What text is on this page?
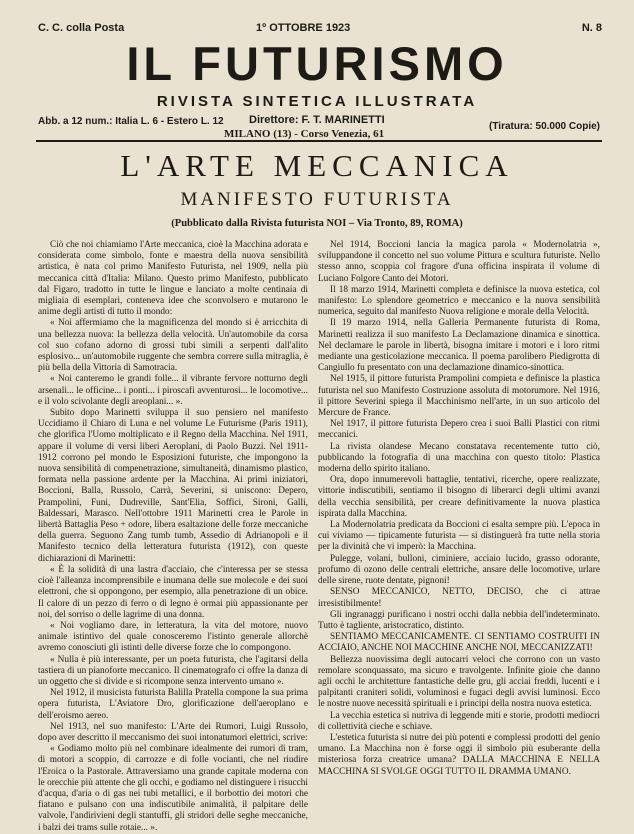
C. C. colla Posta	1º OTTOBRE 1923	N. 8
IL FUTURISMO
RIVISTA SINTETICA ILLUSTRATA
Abb. a 12 num.: Italia L. 6 - Estero L. 12 Direttore: F. T. MARINETTI
MILANO (13) - Corso Venezia, 61
(Tiratura: 50.000 Copie)
L'ARTE MECCANICA
MANIFESTO FUTURISTA
(Pubblicato dalla Rivista futurista NOI – Via Tronto, 89, ROMA)

Ciò che noi chiamiamo l'Arte meccanica, cioè la Macchina adorata e considerata come simbolo, fonte e maestra della nuova sensibilità artistica, è nata col primo Manifesto Futurista, nel 1909, nella più meccanica città d'Italia: Milano. Questo primo Manifesto, pubblicato dal Figaro, tradotto in tutte le lingue e lanciato a molte centinaia di migliaia di esemplari, conteneva idee che sconvolsero e mutarono le anime degli artisti di tutto il mondo:

« Noi affermiamo che la magnificenza del mondo si è arricchita di una bellezza nuova: la bellezza della velocità. Un'automobile da corsa col suo cofano adorno di grossi tubi simili a serpenti dall'alito esplosivo... un'automobile ruggente che sembra correre sulla mitraglia, è più bella della Vittoria di Samotracia.

« Noi canteremo le grandi folle... il vibrante fervore notturno degli arsenali... le officine... i ponti... i piroscafi avventurosi... le locomotive... e il volo scivolante degli areoplani... ».

Subito dopo Marinetti sviluppa il suo pensiero nel manifesto Uccidiamo il Chiaro di Luna e nel volume Le Futurisme (Paris 1911), che glorifica l'Uomo moltiplicato e il Regno della Macchina. Nel 1911, appare il volume di versi liberi Aeroplani, di Paolo Buzzi. Nel 1911-1912 corrono pel mondo le Esposizioni futuriste, che impongono la nuova sensibilità di compenetrazione, simultaneità, dinamismo plastico, formata nella passione ardente per la Macchina. Ai primi iniziatori, Boccioni, Balla, Russolo, Carrà, Severini, si uniscono: Depero, Prampolini, Funi, Dudreville, Sant'Elia, Soffici, Sironi, Galli, Baldessari, Marasco. Nell'ottobre 1911 Marinetti crea le Parole in libertà Battaglia Peso + odore, libera esaltazione delle forze meccaniche della guerra. Seguono Zang tumb tumb, Assedio di Adrianopoli e il Manifesto tecnico della letteratura futurista (1912), con queste dichiarazioni di Marinetti:

« È la solidità di una lastra d'acciaio, che c'interessa per se stessa cioè l'alleanza incomprensibile e inumana delle sue molecole e dei suoi elettroni, che si oppongono, per esempio, alla penetrazione di un obice. Il calore di un pezzo di ferro o di legno è ormai più appassionante per noi, del sorriso o delle lagrime di una donna.

« Noi vogliamo dare, in letteratura, la vita del motore, nuovo animale istintivo del quale conosceremo l'istinto generale allorchè avremo conosciuti gli istinti delle diverse forze che lo compongono.

« Nulla è più interessante, per un poeta futurista, che l'agitarsi della tastiera di un pianoforte meccanico. Il cinematografo ci offre la danza di un oggetto che si divide e si ricompone senza intervento umano ».

Nel 1912, il musicista futurista Balilla Pratella compone la sua prima opera futurista, L'Aviatore Dro, glorificazione dell'aeroplano e dell'eroismo aereo.

Nel 1913, nel suo manifesto: L'Arte dei Rumori, Luigi Russolo, dopo aver descritto il meccanismo dei suoi intonatumori elettrici, scrive:

« Godiamo molto più nel combinare idealmente dei rumori di tram, di motori a scoppio, di carrozze e di folle vocianti, che nel riudire l'Eroica o la Pastorale. Attraversiamo una grande capitale moderna con le orecchie più attente che gli occhi, e godiamo nel distinguere i risucchi d'acqua, d'aria o di gas nei tubi metallici, e il borbottio dei motori che fiatano e pulsano con una indiscutibile animalità, il palpitare delle valvole, l'andirivieni degli stantuffi, gli stridori delle seghe meccaniche, i balzi dei trams sulle rotaie... ».

Nel 1914, Boccioni lancia la magica parola « Modernolatria », sviluppandone il concetto nel suo volume Pittura e scultura futuriste. Nello stesso anno, scoppia col fragore d'una officina inspirata il volume di Luciano Folgore Canto dei Motori.

Il 18 marzo 1914, Marinetti completa e definisce la nuova estetica, col manifesto: Lo splendore geometrico e meccanico e la nuova sensibilità numerica, seguito dal manifesto Nuova religione e morale della Velocità.

Il 19 marzo 1914, nella Galleria Permanente futurista di Roma, Marinetti realizza il suo manifesto La Declamazione dinamica e sinottica. Nel declamare le parole in libertà, bisogna imitare i motori e i loro ritmi mediante una gesticolazione meccanica. Il poema parolibero Piedigrotta di Cangiullo fu presentato con una declamazione dinamico-sinottica.

Nel 1915, il pittore futurista Prampolini compieta e definisce la plastica futurista nel suo Manifesto Costruzione assoluta di motorumore. Nel 1916, il pittore Severini spiega il Macchinismo nell'arte, in un suo articolo del Mercure de France.

Nel 1917, il pittore futurista Depero crea i suoi Balli Plastici con ritmi meccanici.

La rivista olandese Mecano constatava recentemente tutto ciò, pubblicando la fotografia di una macchina con questo titolo: Plastica moderna dello spirito italiano.

Ora, dopo innumerevoli battaglie, tentativi, ricerche, opere realizzate, vittorie indiscutibili, sentiamo il bisogno di liberarci degli ultimi avanzi della vecchia sensibilità, per creare definitivamente la nuova plastica ispirata dalla Macchina.

La Modernolatria predicata da Boccioni ci esalta sempre più. L'epoca in cui viviamo — tipicamente futurista — si distinguerà fra tutte nella storia per la divinità che vi imperò: la Macchina.

Pulegge, volani, bulloni, ciminiere, acciaio lucido, grasso odorante, profumo di ozono delle centrali elettriche, ansare delle locomotive, urlare delle sirene, ruote dentate, pignoni!

SENSO MECCANICO, NETTO, DECISO, che ci attrae irresistibilmente!

Gli ingranaggi purificano i nostri occhi dalla nebbia dell'indeterminato. Tutto è tagliente, aristocratico, distinto.

SENTIAMO MECCANICAMENTE. CI SENTIAMO COSTRUITI IN ACCIAIO, ANCHE NOI MACCHINE ANCHE NOI, MECCANIZZATI!

Bellezza nuovissima degli autocarri veloci che corrono con un vasto remolare sconquassato, ma sicuro e travolgente. Infinite gioie che danno agli occhi le architetture fantastiche delle gru, gli acciai freddi, lucenti e i palpitanti craniteri solidi, voluminosi e fugaci degli avvisi luminosi. Ecco le nostre nuove necessità spirituali e i principi della nostra nuova estetica.

La vecchia estetica si nutriva di leggende miti e storie, prodotti mediocri di collettività cieche e schiave.

L'estetica futurista si nutre dei più potenti e complessi prodotti del genio umano. La Macchina non è forse oggi il simbolo più esuberante della misteriosa forza creatrice umana? DALLA MACCHINA E NELLA MACCHINA SI SVOLGE OGGI TUTTO IL DRAMMA UMANO.
